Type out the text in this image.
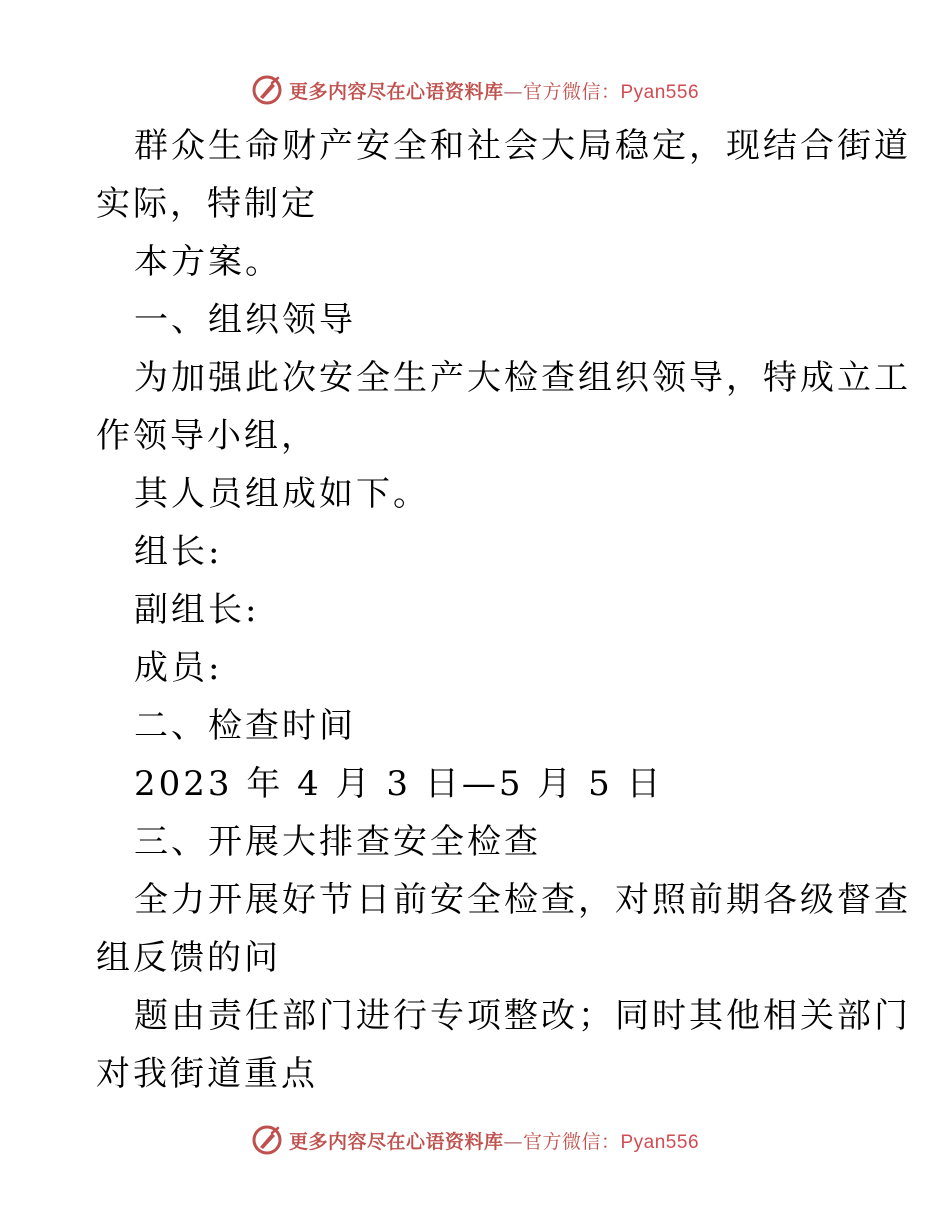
更多内容尽在心语资料库—官方微信：Pyan556
群众生命财产安全和社会大局稳定，现结合街道
实际，特制定
本方案。
一、组织领导
为加强此次安全生产大检查组织领导，特成立工
作领导小组，
其人员组成如下。
组长:
副组长:
成员:
二、检查时间
2023 年 4 月 3 日—5 月 5 日
三、开展大排查安全检查
全力开展好节日前安全检查，对照前期各级督查
组反馈的问
题由责任部门进行专项整改；同时其他相关部门
对我街道重点
更多内容尽在心语资料库—官方微信：Pyan556
